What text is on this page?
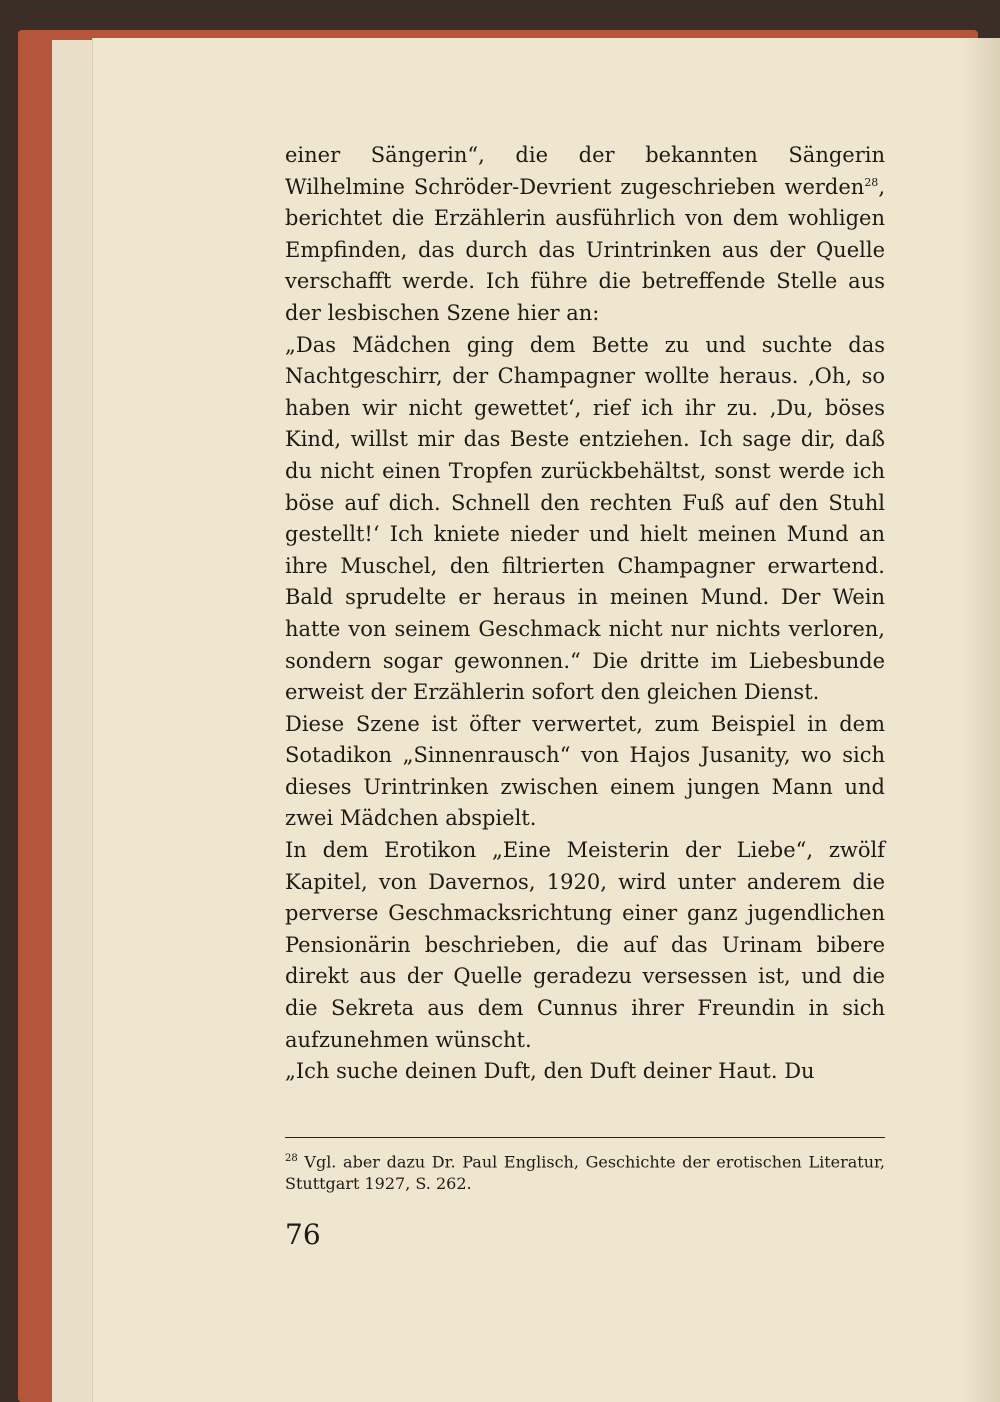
einer Sängerin“, die der bekannten Sängerin Wilhelmine Schröder-Devrient zugeschrieben werden$^{28}$, berichtet die Erzählerin ausführlich von dem wohligen Empfinden, das durch das Urintrinken aus der Quelle verschafft werde. Ich führe die betreffende Stelle aus der lesbischen Szene hier an:

„Das Mädchen ging dem Bette zu und suchte das Nachtgeschirr, der Champagner wollte heraus. ‚Oh, so haben wir nicht gewettet‘, rief ich ihr zu. ‚Du, böses Kind, willst mir das Beste entziehen. Ich sage dir, daß du nicht einen Tropfen zurückbehältst, sonst werde ich böse auf dich. Schnell den rechten Fuß auf den Stuhl gestellt!‘ Ich kniete nieder und hielt meinen Mund an ihre Muschel, den filtrierten Champagner erwartend. Bald sprudelte er heraus in meinen Mund. Der Wein hatte von seinem Geschmack nicht nur nichts verloren, sondern sogar gewonnen.“ Die dritte im Liebesbunde erweist der Erzählerin sofort den gleichen Dienst.

Diese Szene ist öfter verwertet, zum Beispiel in dem Sotadikon „Sinnenrausch“ von Hajos Jusanity, wo sich dieses Urintrinken zwischen einem jungen Mann und zwei Mädchen abspielt.

In dem Erotikon „Eine Meisterin der Liebe“, zwölf Kapitel, von Davernos, 1920, wird unter anderem die perverse Geschmacksrichtung einer ganz jugendlichen Pensionärin beschrieben, die auf das Urinam bibere direkt aus der Quelle geradezu versessen ist, und die die Sekreta aus dem Cunnus ihrer Freundin in sich aufzunehmen wünscht.

„Ich suche deinen Duft, den Duft deiner Haut. Du

$^{28}$ Vgl. aber dazu Dr. Paul Englisch, Geschichte der erotischen Literatur, Stuttgart 1927, S. 262.
76
